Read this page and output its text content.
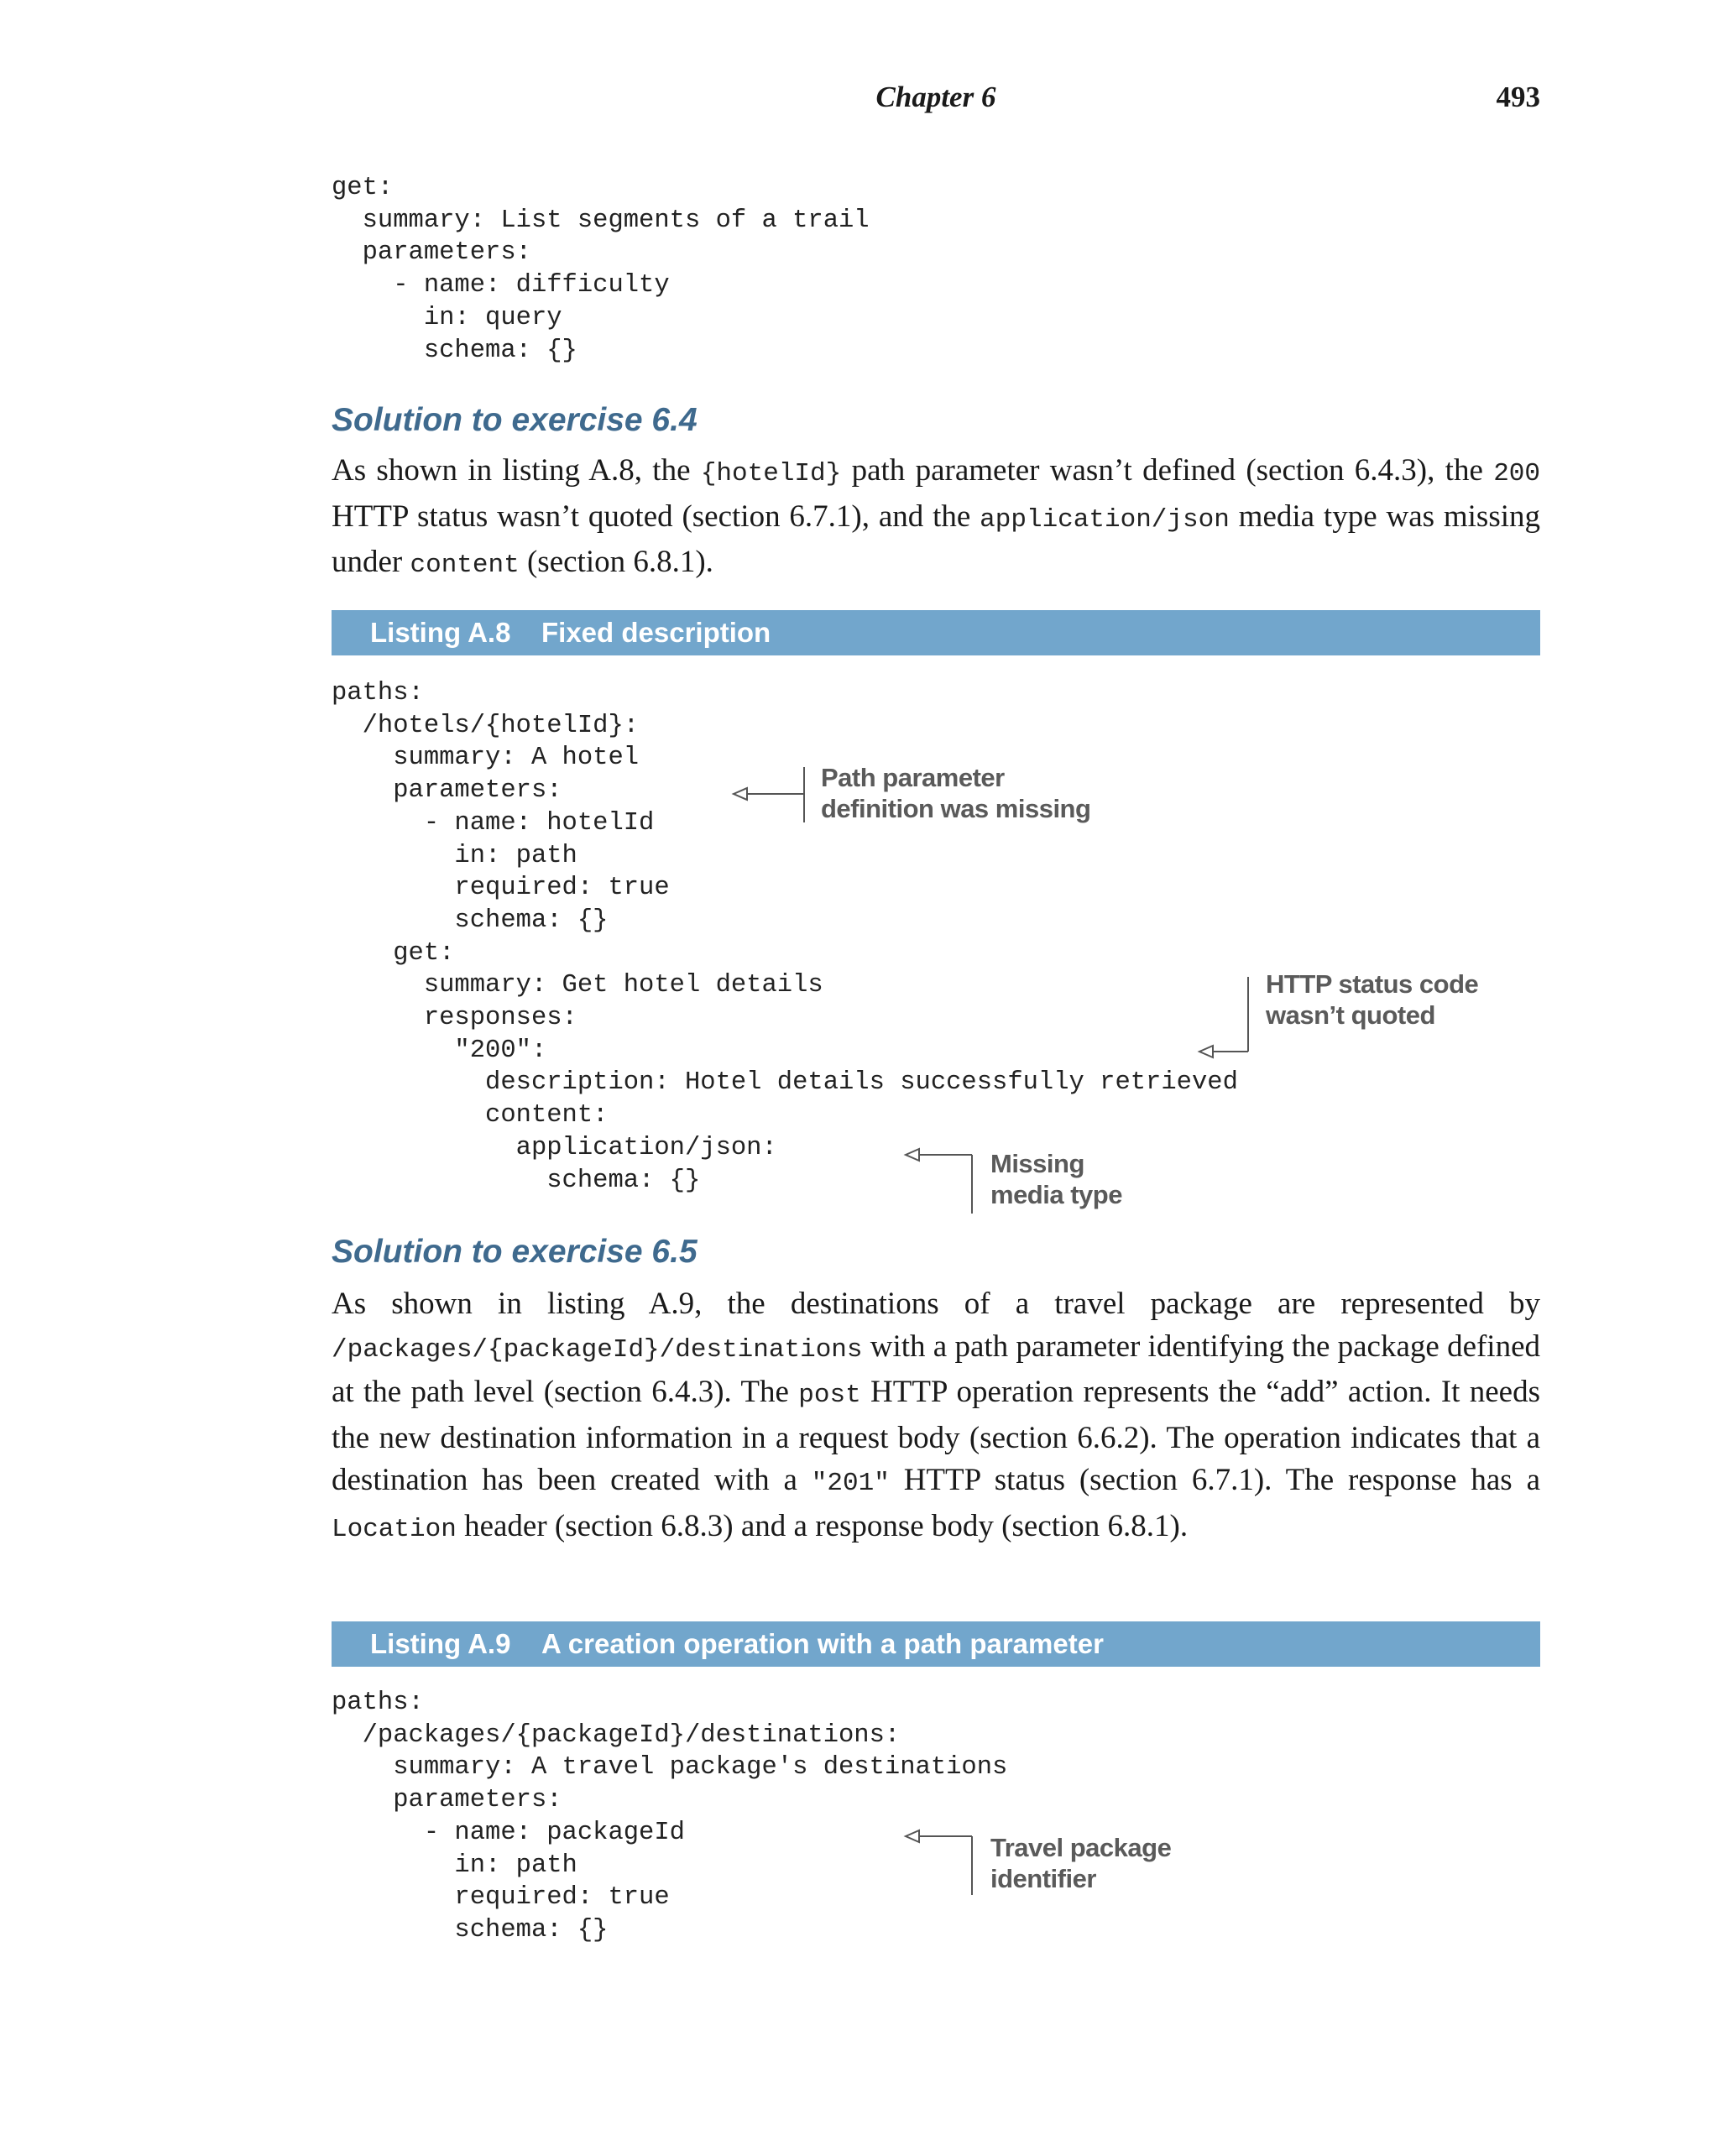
Chapter 6	493
get:
summary: List segments of a trail
parameters:
- name: difficulty
in: query
schema: {}
Solution to exercise 6.4

As shown in listing A.8, the {hotelId} path parameter wasn’t defined (section 6.4.3), the 200 HTTP status wasn’t quoted (section 6.7.1), and the application/json media type was missing under content (section 6.8.1).

Listing A.8 Fixed description
paths:
/hotels/{hotelId}:
summary: A hotel
parameters:
- name: hotelId
in: path
required: true
schema: {}
get:
summary: Get hotel details
responses:
"200":
description: Hotel details successfully retrieved
content:
application/json:
schema: {}
Path parameter
definition was missing
HTTP status code
wasn’t quoted
Missing
media type
Solution to exercise 6.5

As shown in listing A.9, the destinations of a travel package are represented by /packages/{packageId}/destinations with a path parameter identifying the package defined at the path level (section 6.4.3). The post HTTP operation represents the “add” action. It needs the new destination information in a request body (section 6.6.2). The operation indicates that a destination has been created with a "201" HTTP status (section 6.7.1). The response has a Location header (section 6.8.3) and a response body (section 6.8.1).

Listing A.9 A creation operation with a path parameter
paths:
/packages/{packageId}/destinations:
summary: A travel package's destinations
parameters:
- name: packageId
in: path
required: true
schema: {}
Travel package
identifier
